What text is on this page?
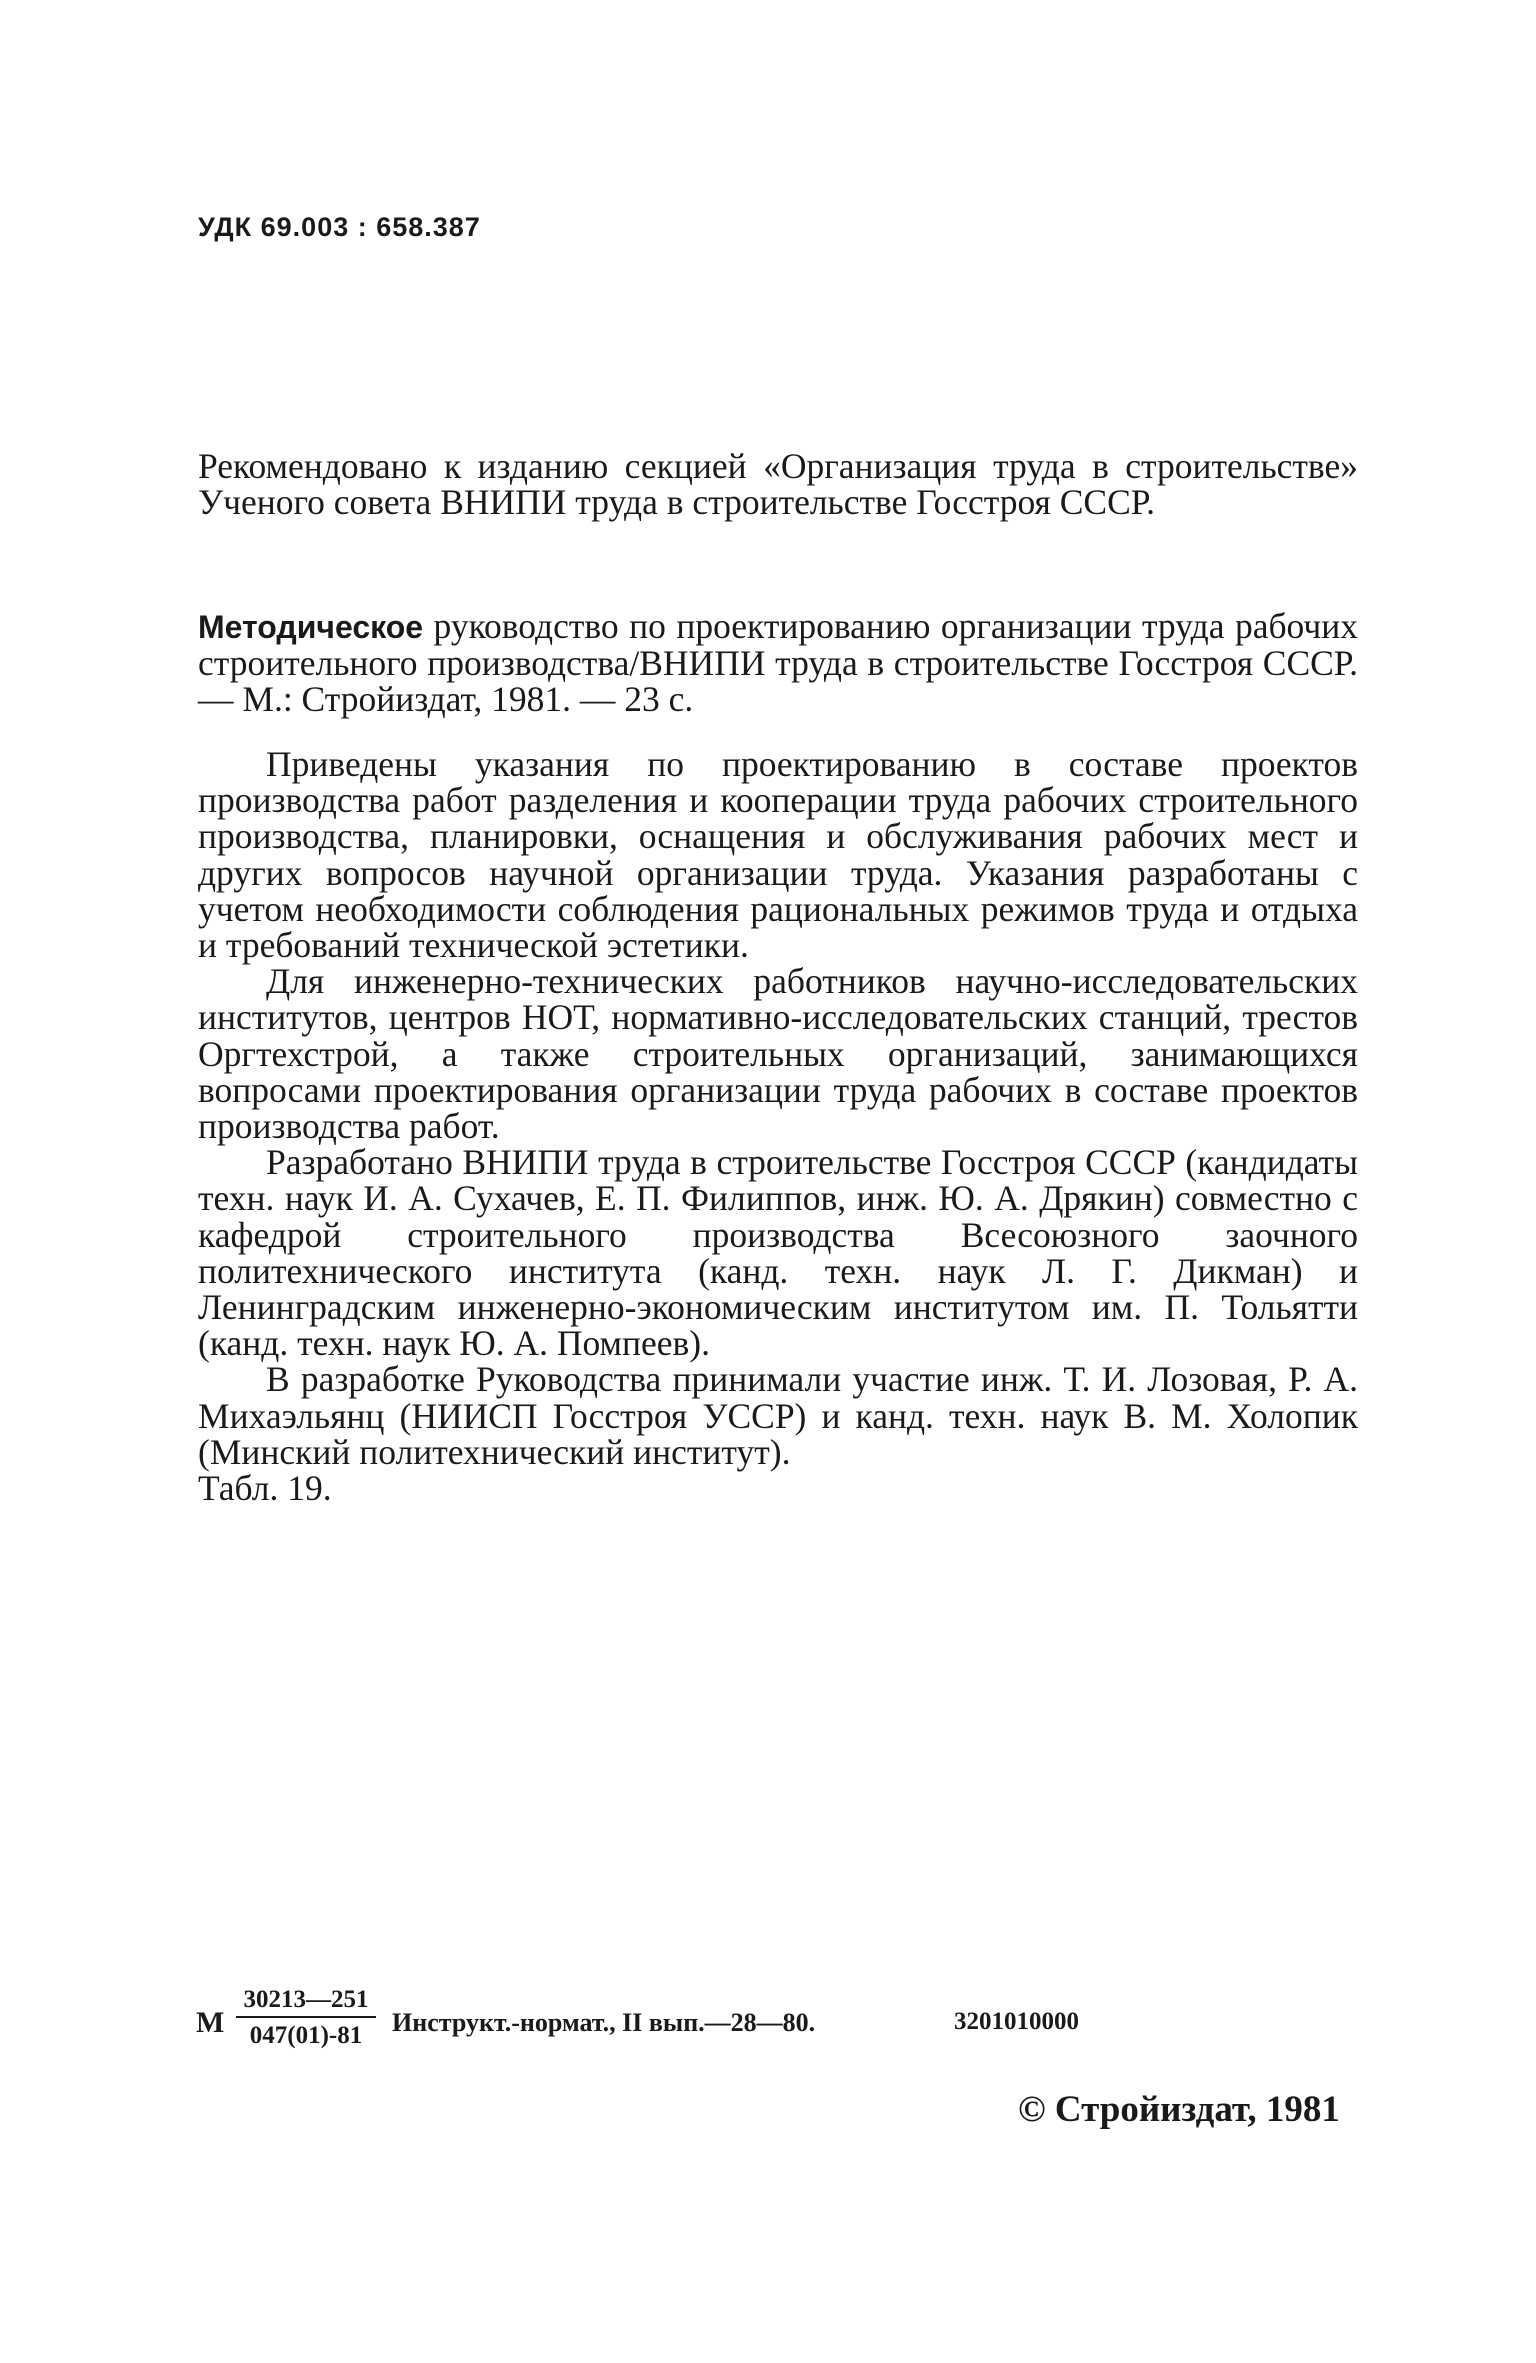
УДК 69.003 : 658.387

Рекомендовано к изданию секцией «Организация труда в строительстве» Ученого совета ВНИПИ труда в строительстве Госстроя СССР.

Методическое руководство по проектированию организации труда рабочих строительного производства/ВНИПИ труда в строительстве Госстроя СССР. — М.: Стройиздат, 1981. — 23 с.

Приведены указания по проектированию в составе проектов производства работ разделения и кооперации труда рабочих строительного производства, планировки, оснащения и обслуживания рабочих мест и других вопросов научной организации труда. Указания разработаны с учетом необходимости соблюдения рациональных режимов труда и отдыха и требований технической эстетики.

Для инженерно-технических работников научно-исследовательских институтов, центров НОТ, нормативно-исследовательских станций, трестов Оргтехстрой, а также строительных организаций, занимающихся вопросами проектирования организации труда рабочих в составе проектов производства работ.

Разработано ВНИПИ труда в строительстве Госстроя СССР (кандидаты техн. наук И. А. Сухачев, Е. П. Филиппов, инж. Ю. А. Дрякин) совместно с кафедрой строительного производства Всесоюзного заочного политехнического института (канд. техн. наук Л. Г. Дикман) и Ленинградским инженерно-экономическим институтом им. П. Тольятти (канд. техн. наук Ю. А. Помпеев).

В разработке Руководства принимали участие инж. Т. И. Лозовая, Р. А. Михаэльянц (НИИСП Госстроя УССР) и канд. техн. наук В. М. Холопик (Минский политехнический институт).

Табл. 19.

М $\frac{30213—251}{047(01)-81}$ Инструкт.-нормат., II вып.—28—80.	3201010000
© Стройиздат, 1981
